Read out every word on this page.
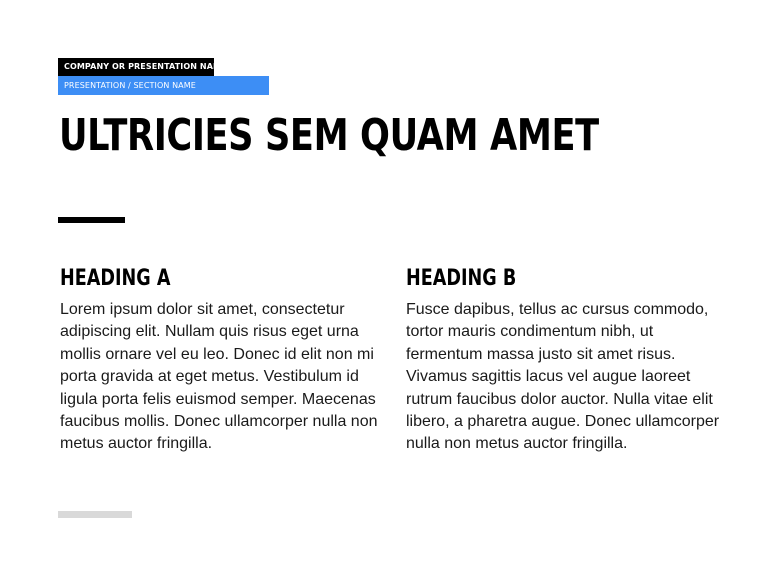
COMPANY OR PRESENTATION NAME
PRESENTATION / SECTION NAME
ULTRICIES SEM QUAM AMET
HEADING A

Lorem ipsum dolor sit amet, consectetur adipiscing elit. Nullam quis risus eget urna mollis ornare vel eu leo. Donec id elit non mi porta gravida at eget metus. Vestibulum id ligula porta felis euismod semper. Maecenas faucibus mollis. Donec ullamcorper nulla non metus auctor fringilla.

HEADING B

Fusce dapibus, tellus ac cursus commodo, tortor mauris condimentum nibh, ut fermentum massa justo sit amet risus. Vivamus sagittis lacus vel augue laoreet rutrum faucibus dolor auctor. Nulla vitae elit libero, a pharetra augue. Donec ullamcorper nulla non metus auctor fringilla.
